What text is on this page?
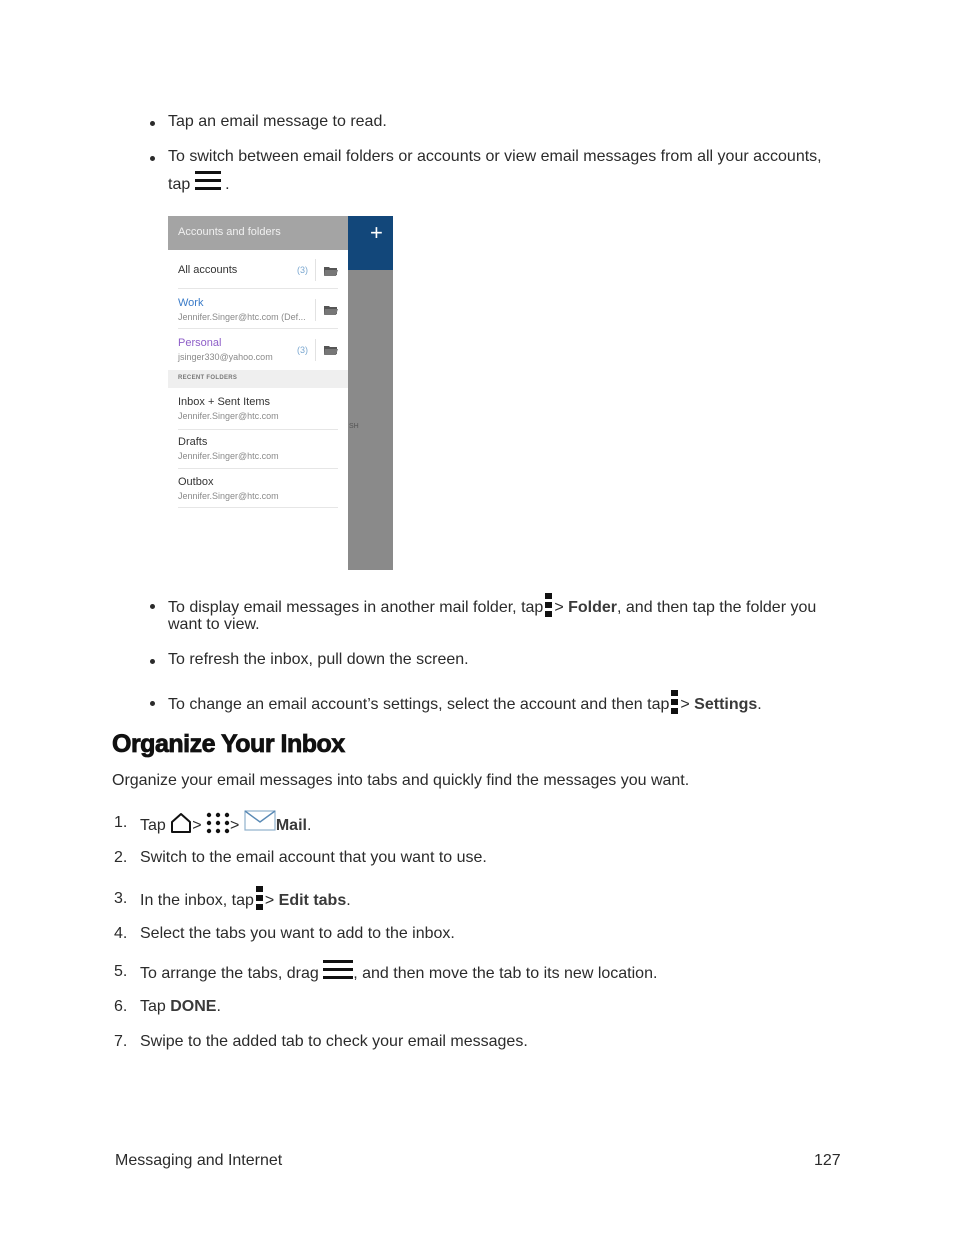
Tap an email message to read.
To switch between email folders or accounts or view email messages from all your accounts,
tap .
+
SH
Accounts and folders
All accounts	(3)
Work
Jennifer.Singer@htc.com (Def...
Personal
jsinger330@yahoo.com
(3)
RECENT FOLDERS
Inbox + Sent Items
Jennifer.Singer@htc.com
Drafts
Jennifer.Singer@htc.com
Outbox
Jennifer.Singer@htc.com
To display email messages in another mail folder, tap > Folder, and then tap the folder you
want to view.
To refresh the inbox, pull down the screen.
To change an email account’s settings, select the account and then tap > Settings.
Organize Your Inbox
Organize your email messages into tabs and quickly find the messages you want.
1. Tap > > Mail.
2. Switch to the email account that you want to use.
3. In the inbox, tap > Edit tabs.
4. Select the tabs you want to add to the inbox.
5. To arrange the tabs, drag , and then move the tab to its new location.
6. Tap DONE.
7. Swipe to the added tab to check your email messages.
Messaging and Internet	127
